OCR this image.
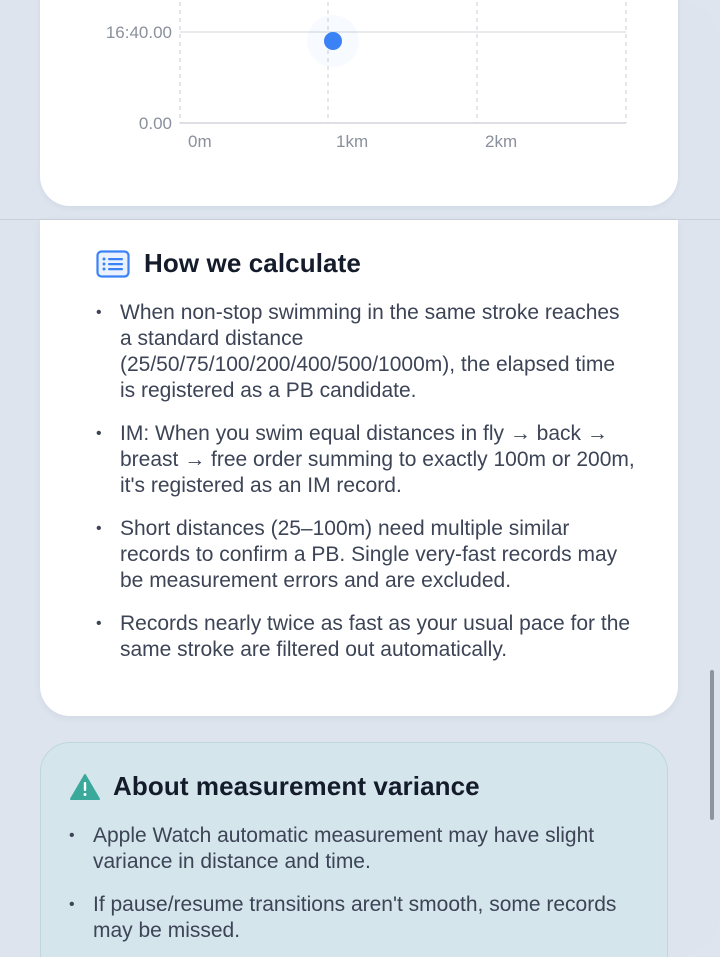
16:40.00
0.00
0m	1km	2km
How we calculate
• When non-stop swimming in the same stroke reaches a standard distance (25/50/75/100/200/400/500/1000m), the elapsed time is registered as a PB candidate.
• IM: When you swim equal distances in fly → back → breast → free order summing to exactly 100m or 200m, it's registered as an IM record.
• Short distances (25–100m) need multiple similar records to confirm a PB. Single very-fast records may be measurement errors and are excluded.
• Records nearly twice as fast as your usual pace for the same stroke are filtered out automatically.
About measurement variance
• Apple Watch automatic measurement may have slight variance in distance and time.
• If pause/resume transitions aren't smooth, some records may be missed.
